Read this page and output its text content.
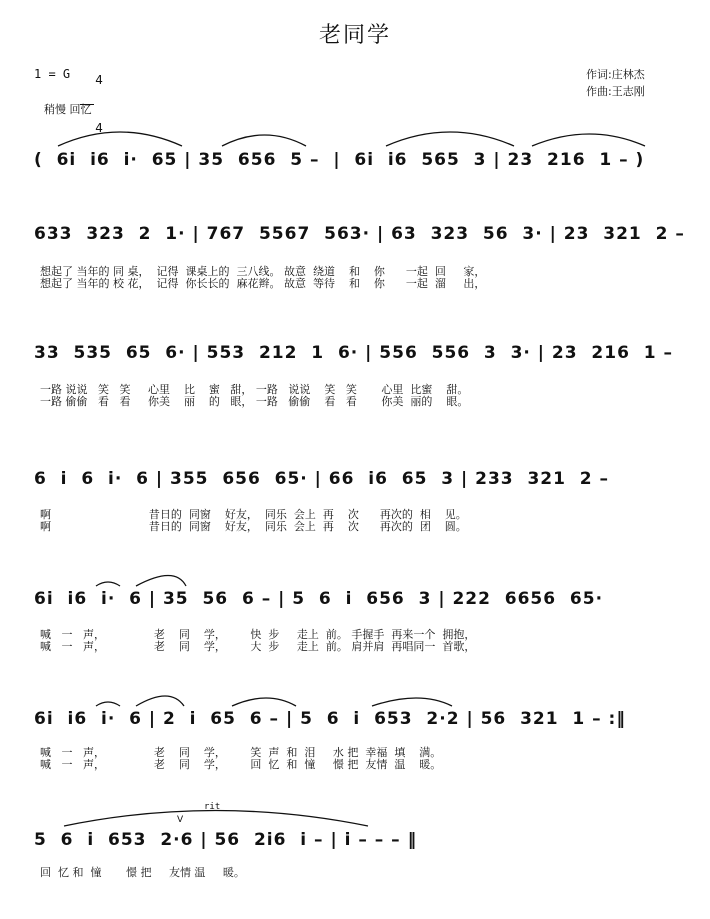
老同学
1 = G	4

4

稍慢 回忆
作词:庄林杰
作曲:王志刚
(  6i  i6  i·  65 | 35  656  5 –  |  6i  i6  565  3 | 23  216  1 – )
633  323  2  1· | 767  5567  563· | 63  323  56  3· | 23  321  2 –
想起了 当年的 同 桌，  记得  课桌上的  三八线。 故意  绕道    和    你      一起  回     家，
想起了 当年的 校 花，  记得  你长长的  麻花辫。 故意  等待    和    你      一起  溜     出，
33  535  65  6· | 553  212  1  6· | 556  556  3  3· | 23  216  1 –
一路 说说   笑   笑     心里    比    蜜   甜， 一路   说说    笑   笑       心里  比蜜    甜。
一路 偷偷   看   看     你美    丽    的   眼， 一路   偷偷    看   看       你美  丽的    眼。
6  i  6  i·  6 | 355  656  65· | 66  i6  65  3 | 233  321  2 –
啊                            昔日的  同窗    好友，  同乐  会上  再    次      再次的  相    见。
啊                            昔日的  同窗    好友，  同乐  会上  再    次      再次的  团    圆。
6i  i6  i·  6 | 35  56  6 – | 5  6  i  656  3 | 222  6656  65·
喊   一   声，              老    同    学，       快  步     走上  前。 手握手  再来一个  拥抱，
喊   一   声，              老    同    学，       大  步     走上  前。 肩并肩  再唱同一  首歌，
6i  i6  i·  6 | 2  i  65  6 – | 5  6  i  653  2·2 | 56  321  1 – :‖
喊   一   声，              老    同    学，       笑  声  和  泪     水 把  幸福  填    满。
喊   一   声，              老    同    学，       回  忆  和  憧     憬 把  友情  温    暖。
rit
V
5  6  i  653  2·6 | 56  2i6  i – | i – – – ‖
回  忆 和  憧       憬 把     友情 温     暖。
